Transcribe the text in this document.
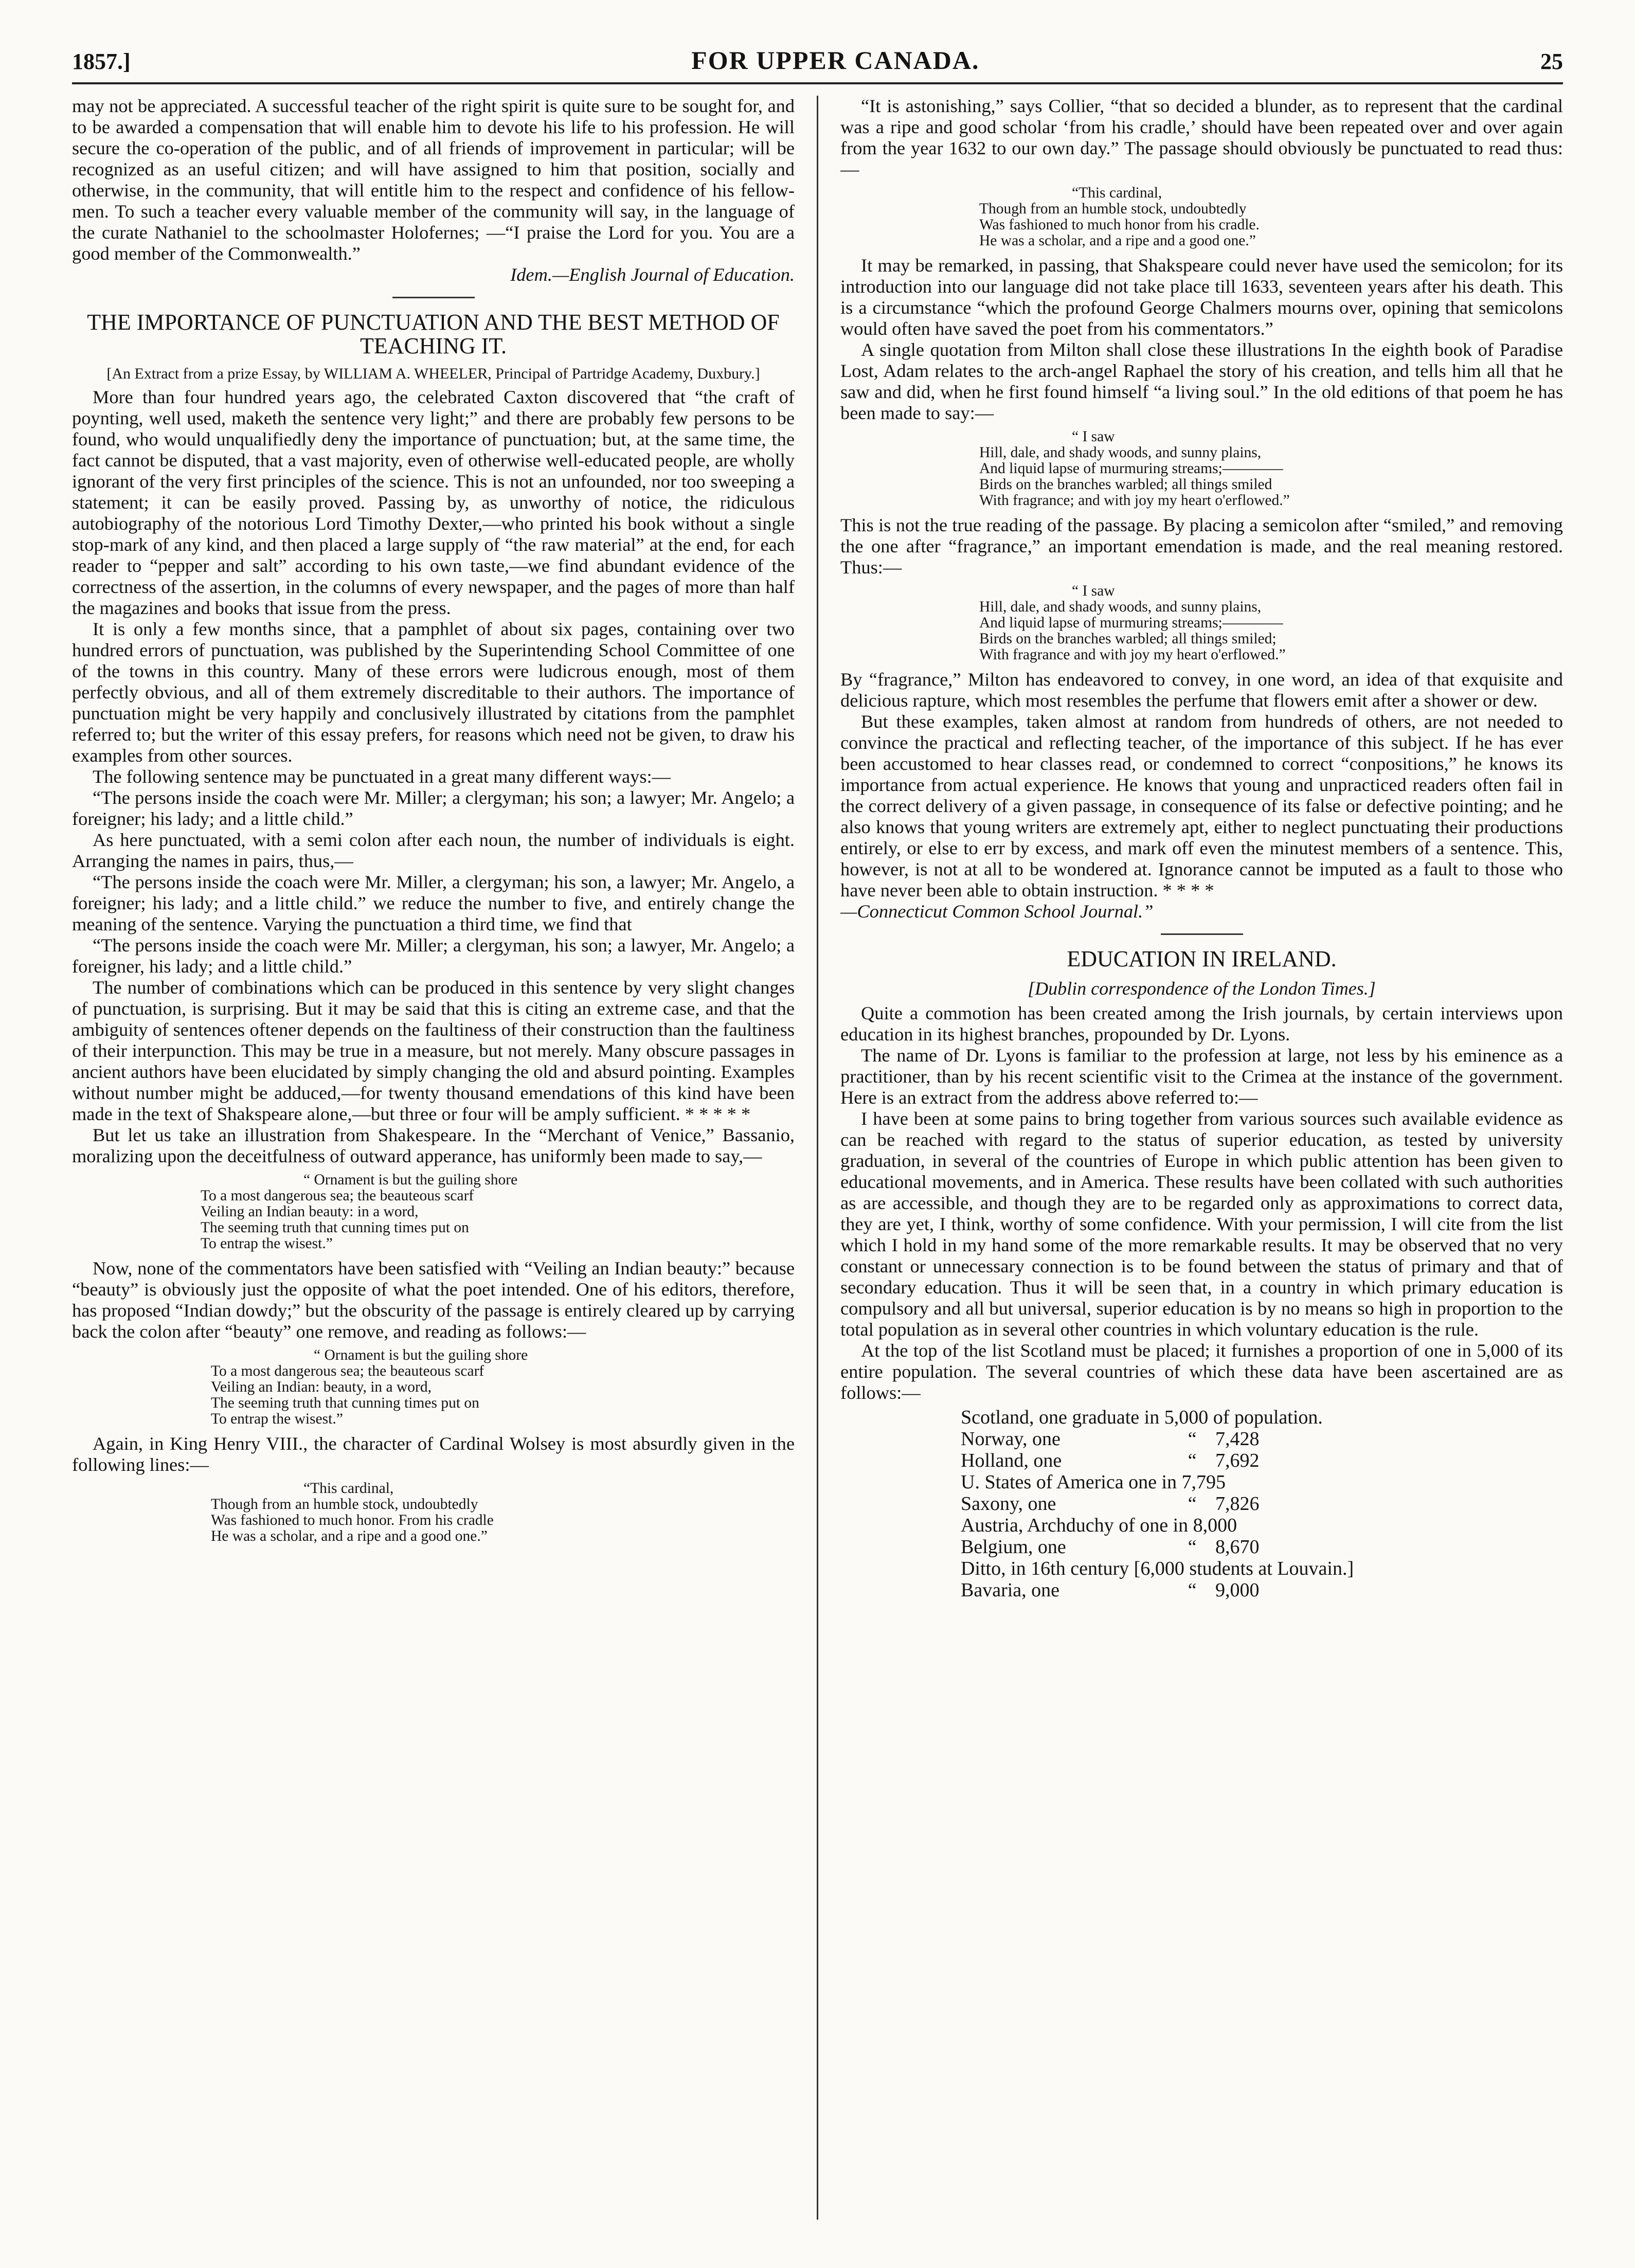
1857.]	FOR UPPER CANADA.	25

may not be appreciated. A successful teacher of the right spirit is quite sure to be sought for, and to be awarded a compensation that will enable him to devote his life to his profession. He will secure the co-operation of the public, and of all friends of improvement in particular; will be recognized as an useful citizen; and will have assigned to him that position, socially and otherwise, in the community, that will entitle him to the respect and confidence of his fellow-men. To such a teacher every valuable member of the community will say, in the language of the curate Nathaniel to the schoolmaster Holofernes; —“I praise the Lord for you. You are a good member of the Commonwealth.”

Idem.—English Journal of Education.

THE IMPORTANCE OF PUNCTUATION AND THE BEST METHOD OF TEACHING IT.

[An Extract from a prize Essay, by WILLIAM A. WHEELER, Principal of Partridge Academy, Duxbury.]

More than four hundred years ago, the celebrated Caxton discovered that “the craft of poynting, well used, maketh the sentence very light;” and there are probably few persons to be found, who would unqualifiedly deny the importance of punctuation; but, at the same time, the fact cannot be disputed, that a vast majority, even of otherwise well-educated people, are wholly ignorant of the very first principles of the science. This is not an unfounded, nor too sweeping a statement; it can be easily proved. Passing by, as unworthy of notice, the ridiculous autobiography of the notorious Lord Timothy Dexter,—who printed his book without a single stop-mark of any kind, and then placed a large supply of “the raw material” at the end, for each reader to “pepper and salt” according to his own taste,—we find abundant evidence of the correctness of the assertion, in the columns of every newspaper, and the pages of more than half the magazines and books that issue from the press.

It is only a few months since, that a pamphlet of about six pages, containing over two hundred errors of punctuation, was published by the Superintending School Committee of one of the towns in this country. Many of these errors were ludicrous enough, most of them perfectly obvious, and all of them extremely discreditable to their authors. The importance of punctuation might be very happily and conclusively illustrated by citations from the pamphlet referred to; but the writer of this essay prefers, for reasons which need not be given, to draw his examples from other sources.

The following sentence may be punctuated in a great many different ways:—

“The persons inside the coach were Mr. Miller; a clergyman; his son; a lawyer; Mr. Angelo; a foreigner; his lady; and a little child.”

As here punctuated, with a semi colon after each noun, the number of individuals is eight. Arranging the names in pairs, thus,—

“The persons inside the coach were Mr. Miller, a clergyman; his son, a lawyer; Mr. Angelo, a foreigner; his lady; and a little child.” we reduce the number to five, and entirely change the meaning of the sentence. Varying the punctuation a third time, we find that

“The persons inside the coach were Mr. Miller; a clergyman, his son; a lawyer, Mr. Angelo; a foreigner, his lady; and a little child.”

The number of combinations which can be produced in this sentence by very slight changes of punctuation, is surprising. But it may be said that this is citing an extreme case, and that the ambiguity of sentences oftener depends on the faultiness of their construction than the faultiness of their interpunction. This may be true in a measure, but not merely. Many obscure passages in ancient authors have been elucidated by simply changing the old and absurd pointing. Examples without number might be adduced,—for twenty thousand emendations of this kind have been made in the text of Shakspeare alone,—but three or four will be amply sufficient. * * * * *

But let us take an illustration from Shakespeare. In the “Merchant of Venice,” Bassanio, moralizing upon the deceitfulness of outward apperance, has uniformly been made to say,—

“ Ornament is but the guiling shore
To a most dangerous sea; the beauteous scarf
Veiling an Indian beauty: in a word,
The seeming truth that cunning times put on
To entrap the wisest.”

Now, none of the commentators have been satisfied with “Veiling an Indian beauty:” because “beauty” is obviously just the opposite of what the poet intended. One of his editors, therefore, has proposed “Indian dowdy;” but the obscurity of the passage is entirely cleared up by carrying back the colon after “beauty” one remove, and reading as follows:—

“ Ornament is but the guiling shore
To a most dangerous sea; the beauteous scarf
Veiling an Indian: beauty, in a word,
The seeming truth that cunning times put on
To entrap the wisest.”

Again, in King Henry VIII., the character of Cardinal Wolsey is most absurdly given in the following lines:—

“This cardinal,
Though from an humble stock, undoubtedly
Was fashioned to much honor. From his cradle
He was a scholar, and a ripe and a good one.”

“It is astonishing,” says Collier, “that so decided a blunder, as to represent that the cardinal was a ripe and good scholar ‘from his cradle,’ should have been repeated over and over again from the year 1632 to our own day.” The passage should obviously be punctuated to read thus:—

“This cardinal,
Though from an humble stock, undoubtedly
Was fashioned to much honor from his cradle.
He was a scholar, and a ripe and a good one.”

It may be remarked, in passing, that Shakspeare could never have used the semicolon; for its introduction into our language did not take place till 1633, seventeen years after his death. This is a circumstance “which the profound George Chalmers mourns over, opining that semicolons would often have saved the poet from his commentators.”

A single quotation from Milton shall close these illustrations In the eighth book of Paradise Lost, Adam relates to the arch-angel Raphael the story of his creation, and tells him all that he saw and did, when he first found himself “a living soul.” In the old editions of that poem he has been made to say:—

“ I saw
Hill, dale, and shady woods, and sunny plains,
And liquid lapse of murmuring streams;————
Birds on the branches warbled; all things smiled
With fragrance; and with joy my heart o'erflowed.”

This is not the true reading of the passage. By placing a semicolon after “smiled,” and removing the one after “fragrance,” an important emendation is made, and the real meaning restored. Thus:—

“ I saw
Hill, dale, and shady woods, and sunny plains,
And liquid lapse of murmuring streams;————
Birds on the branches warbled; all things smiled;
With fragrance and with joy my heart o'erflowed.”

By “fragrance,” Milton has endeavored to convey, in one word, an idea of that exquisite and delicious rapture, which most resembles the perfume that flowers emit after a shower or dew.

But these examples, taken almost at random from hundreds of others, are not needed to convince the practical and reflecting teacher, of the importance of this subject. If he has ever been accustomed to hear classes read, or condemned to correct “conpositions,” he knows its importance from actual experience. He knows that young and unpracticed readers often fail in the correct delivery of a given passage, in consequence of its false or defective pointing; and he also knows that young writers are extremely apt, either to neglect punctuating their productions entirely, or else to err by excess, and mark off even the minutest members of a sentence. This, however, is not at all to be wondered at. Ignorance cannot be imputed as a fault to those who have never been able to obtain instruction. * * * *

—Connecticut Common School Journal.”

EDUCATION IN IRELAND.

[Dublin correspondence of the London Times.]

Quite a commotion has been created among the Irish journals, by certain interviews upon education in its highest branches, propounded by Dr. Lyons.

The name of Dr. Lyons is familiar to the profession at large, not less by his eminence as a practitioner, than by his recent scientific visit to the Crimea at the instance of the government. Here is an extract from the address above referred to:—

I have been at some pains to bring together from various sources such available evidence as can be reached with regard to the status of superior education, as tested by university graduation, in several of the countries of Europe in which public attention has been given to educational movements, and in America. These results have been collated with such authorities as are accessible, and though they are to be regarded only as approximations to correct data, they are yet, I think, worthy of some confidence. With your permission, I will cite from the list which I hold in my hand some of the more remarkable results. It may be observed that no very constant or unnecessary connection is to be found between the status of primary and that of secondary education. Thus it will be seen that, in a country in which primary education is compulsory and all but universal, superior education is by no means so high in proportion to the total population as in several other countries in which voluntary education is the rule.

At the top of the list Scotland must be placed; it furnishes a proportion of one in 5,000 of its entire population. The several countries of which these data have been ascertained are as follows:—

Scotland, one graduate in 5,000 of population.
Norway, one	“ 7,428
Holland, one	“ 7,692
U. States of America one in 7,795
Saxony, one	“ 7,826
Austria, Archduchy of one in 8,000
Belgium, one	“ 8,670
Ditto, in 16th century [6,000 students at Louvain.]
Bavaria, one	“ 9,000
